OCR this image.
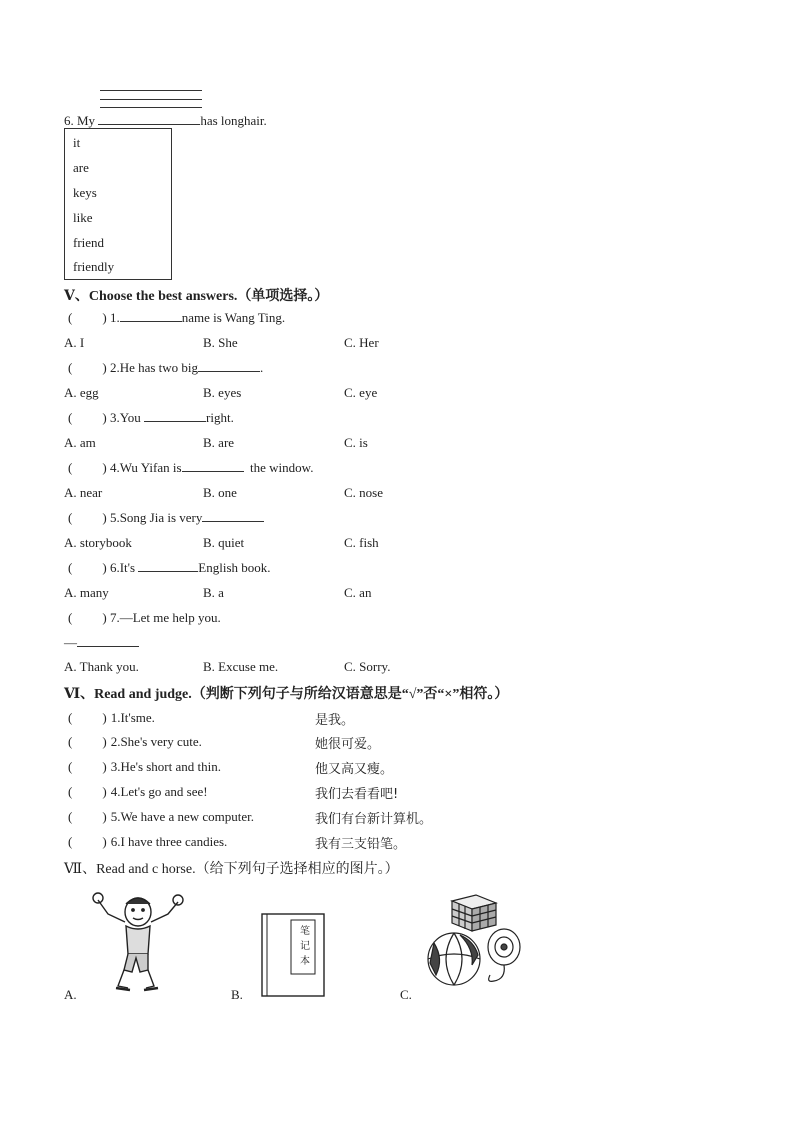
6. My	has longhair.
it
are
keys
like
friend
friendly
Ⅴ、Choose the best answers.（单项选择。）
( ) 1.	name is Wang Ting.
A. I	B. She	C. Her
( ) 2.He has two big	.
A. egg	B. eyes	C. eye
( ) 3.You	right.
A. am	B. are	C. is
( ) 4.Wu Yifan is	the window.
A. near	B. one	C. nose
( ) 5.Song Jia is very
A. storybook	B. quiet	C. fish
( ) 6.It's	English book.
A. many	B. a	C. an
( ) 7.—Let me help you.
—
A. Thank you.	B. Excuse me.	C. Sorry.
Ⅵ、Read and judge.（判断下列句子与所给汉语意思是“√”否“×”相符。）
( ) 1.It'sme.	是我。
( ) 2.She's very cute.	她很可爱。
( ) 3.He's short and thin.	他又高又瘦。
( ) 4.Let's go and see!	我们去看看吧!
( ) 5.We have a new computer.	我们有台新计算机。
( ) 6.I have three candies.	我有三支铅笔。
Ⅶ、Read and c horse.（给下列句子选择相应的图片。）
A.
笔记本
B.	C.
